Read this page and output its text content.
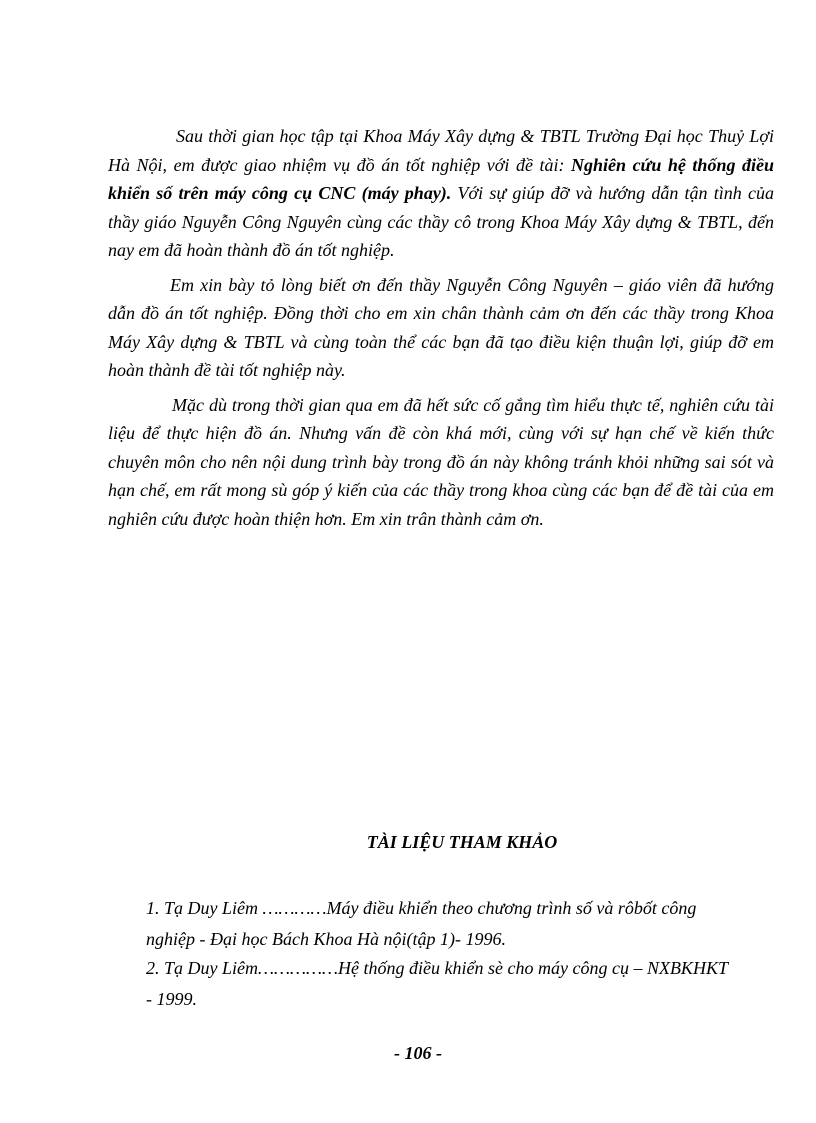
Sau thời gian học tập tại Khoa Máy Xây dựng & TBTL Trường Đại học Thuỷ Lợi Hà Nội, em được giao nhiệm vụ đồ án tốt nghiệp với đề tài: Nghiên cứu hệ thống điều khiển số trên máy công cụ CNC (máy phay). Với sự giúp đỡ và hướng dẫn tận tình của thầy giáo Nguyễn Công Nguyên cùng các thầy cô trong Khoa Máy Xây dựng & TBTL, đến nay em đã hoàn thành đồ án tốt nghiệp.

Em xin bày tỏ lòng biết ơn đến thầy Nguyễn Công Nguyên – giáo viên đã hướng dẫn đồ án tốt nghiệp. Đồng thời cho em xin chân thành cảm ơn đến các thầy trong Khoa Máy Xây dựng & TBTL và cùng toàn thể các bạn đã tạo điều kiện thuận lợi, giúp đỡ em hoàn thành đề tài tốt nghiệp này.

Mặc dù trong thời gian qua em đã hết sức cố gắng tìm hiểu thực tế, nghiên cứu tài liệu để thực hiện đồ án. Nhưng vấn đề còn khá mới, cùng với sự hạn chế về kiến thức chuyên môn cho nên nội dung trình bày trong đồ án này không tránh khỏi những sai sót và hạn chế, em rất mong sù góp ý kiến của các thầy trong khoa cùng các bạn để đề tài của em nghiên cứu được hoàn thiện hơn. Em xin trân thành cảm ơn.

TÀI LIỆU THAM KHẢO
1. Tạ Duy Liêm ………… Máy điều khiển theo chương trình số và rôbốt công
nghiệp - Đại học Bách Khoa Hà nội(tập 1)- 1996.
2. Tạ Duy Liêm…………… Hệ thống điều khiển sè cho máy công cụ – NXBKHKT
- 1999.
- 106 -
